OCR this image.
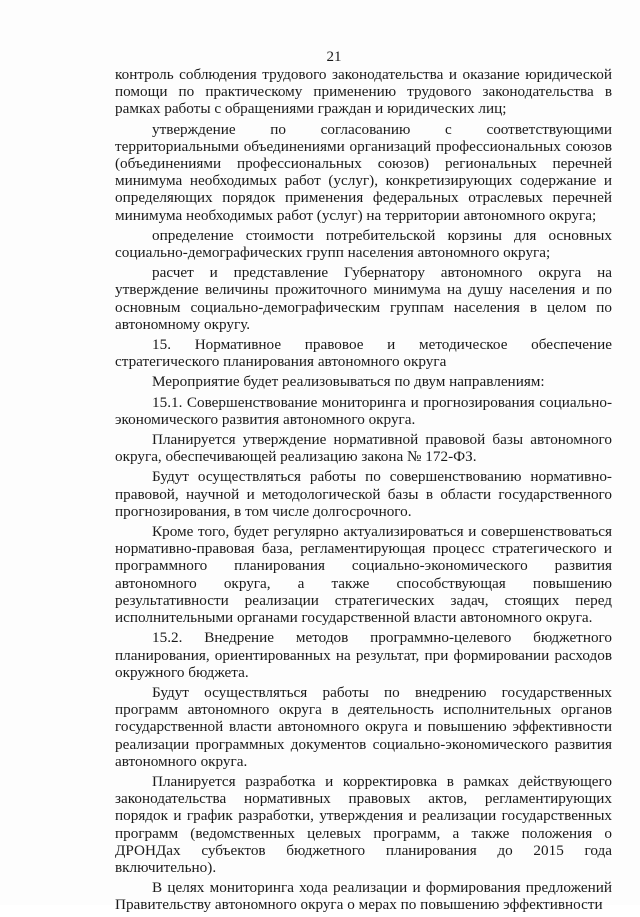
21

контроль соблюдения трудового законодательства и оказание юридической помощи по практическому применению трудового законодательства в рамках работы с обращениями граждан и юридических лиц;

утверждение по согласованию с соответствующими территориальными объединениями организаций профессиональных союзов (объединениями профессиональных союзов) региональных перечней минимума необходимых работ (услуг), конкретизирующих содержание и определяющих порядок применения федеральных отраслевых перечней минимума необходимых работ (услуг) на территории автономного округа;

определение стоимости потребительской корзины для основных социально-демографических групп населения автономного округа;

расчет и представление Губернатору автономного округа на утверждение величины прожиточного минимума на душу населения и по основным социально-демографическим группам населения в целом по автономному округу.

15. Нормативное правовое и методическое обеспечение стратегического планирования автономного округа

Мероприятие будет реализовываться по двум направлениям:

15.1. Совершенствование мониторинга и прогнозирования социально-экономического развития автономного округа.

Планируется утверждение нормативной правовой базы автономного округа, обеспечивающей реализацию закона № 172-ФЗ.

Будут осуществляться работы по совершенствованию нормативно-правовой, научной и методологической базы в области государственного прогнозирования, в том числе долгосрочного.

Кроме того, будет регулярно актуализироваться и совершенствоваться нормативно-правовая база, регламентирующая процесс стратегического и программного планирования социально-экономического развития автономного округа, а также способствующая повышению результативности реализации стратегических задач, стоящих перед исполнительными органами государственной власти автономного округа.

15.2. Внедрение методов программно-целевого бюджетного планирования, ориентированных на результат, при формировании расходов окружного бюджета.

Будут осуществляться работы по внедрению государственных программ автономного округа в деятельность исполнительных органов государственной власти автономного округа и повышению эффективности реализации программных документов социально-экономического развития автономного округа.

Планируется разработка и корректировка в рамках действующего законодательства нормативных правовых актов, регламентирующих порядок и график разработки, утверждения и реализации государственных программ (ведомственных целевых программ, а также положения о ДРОНДах субъектов бюджетного планирования до 2015 года включительно).

В целях мониторинга хода реализации и формирования предложений Правительству автономного округа о мерах по повышению эффективности
